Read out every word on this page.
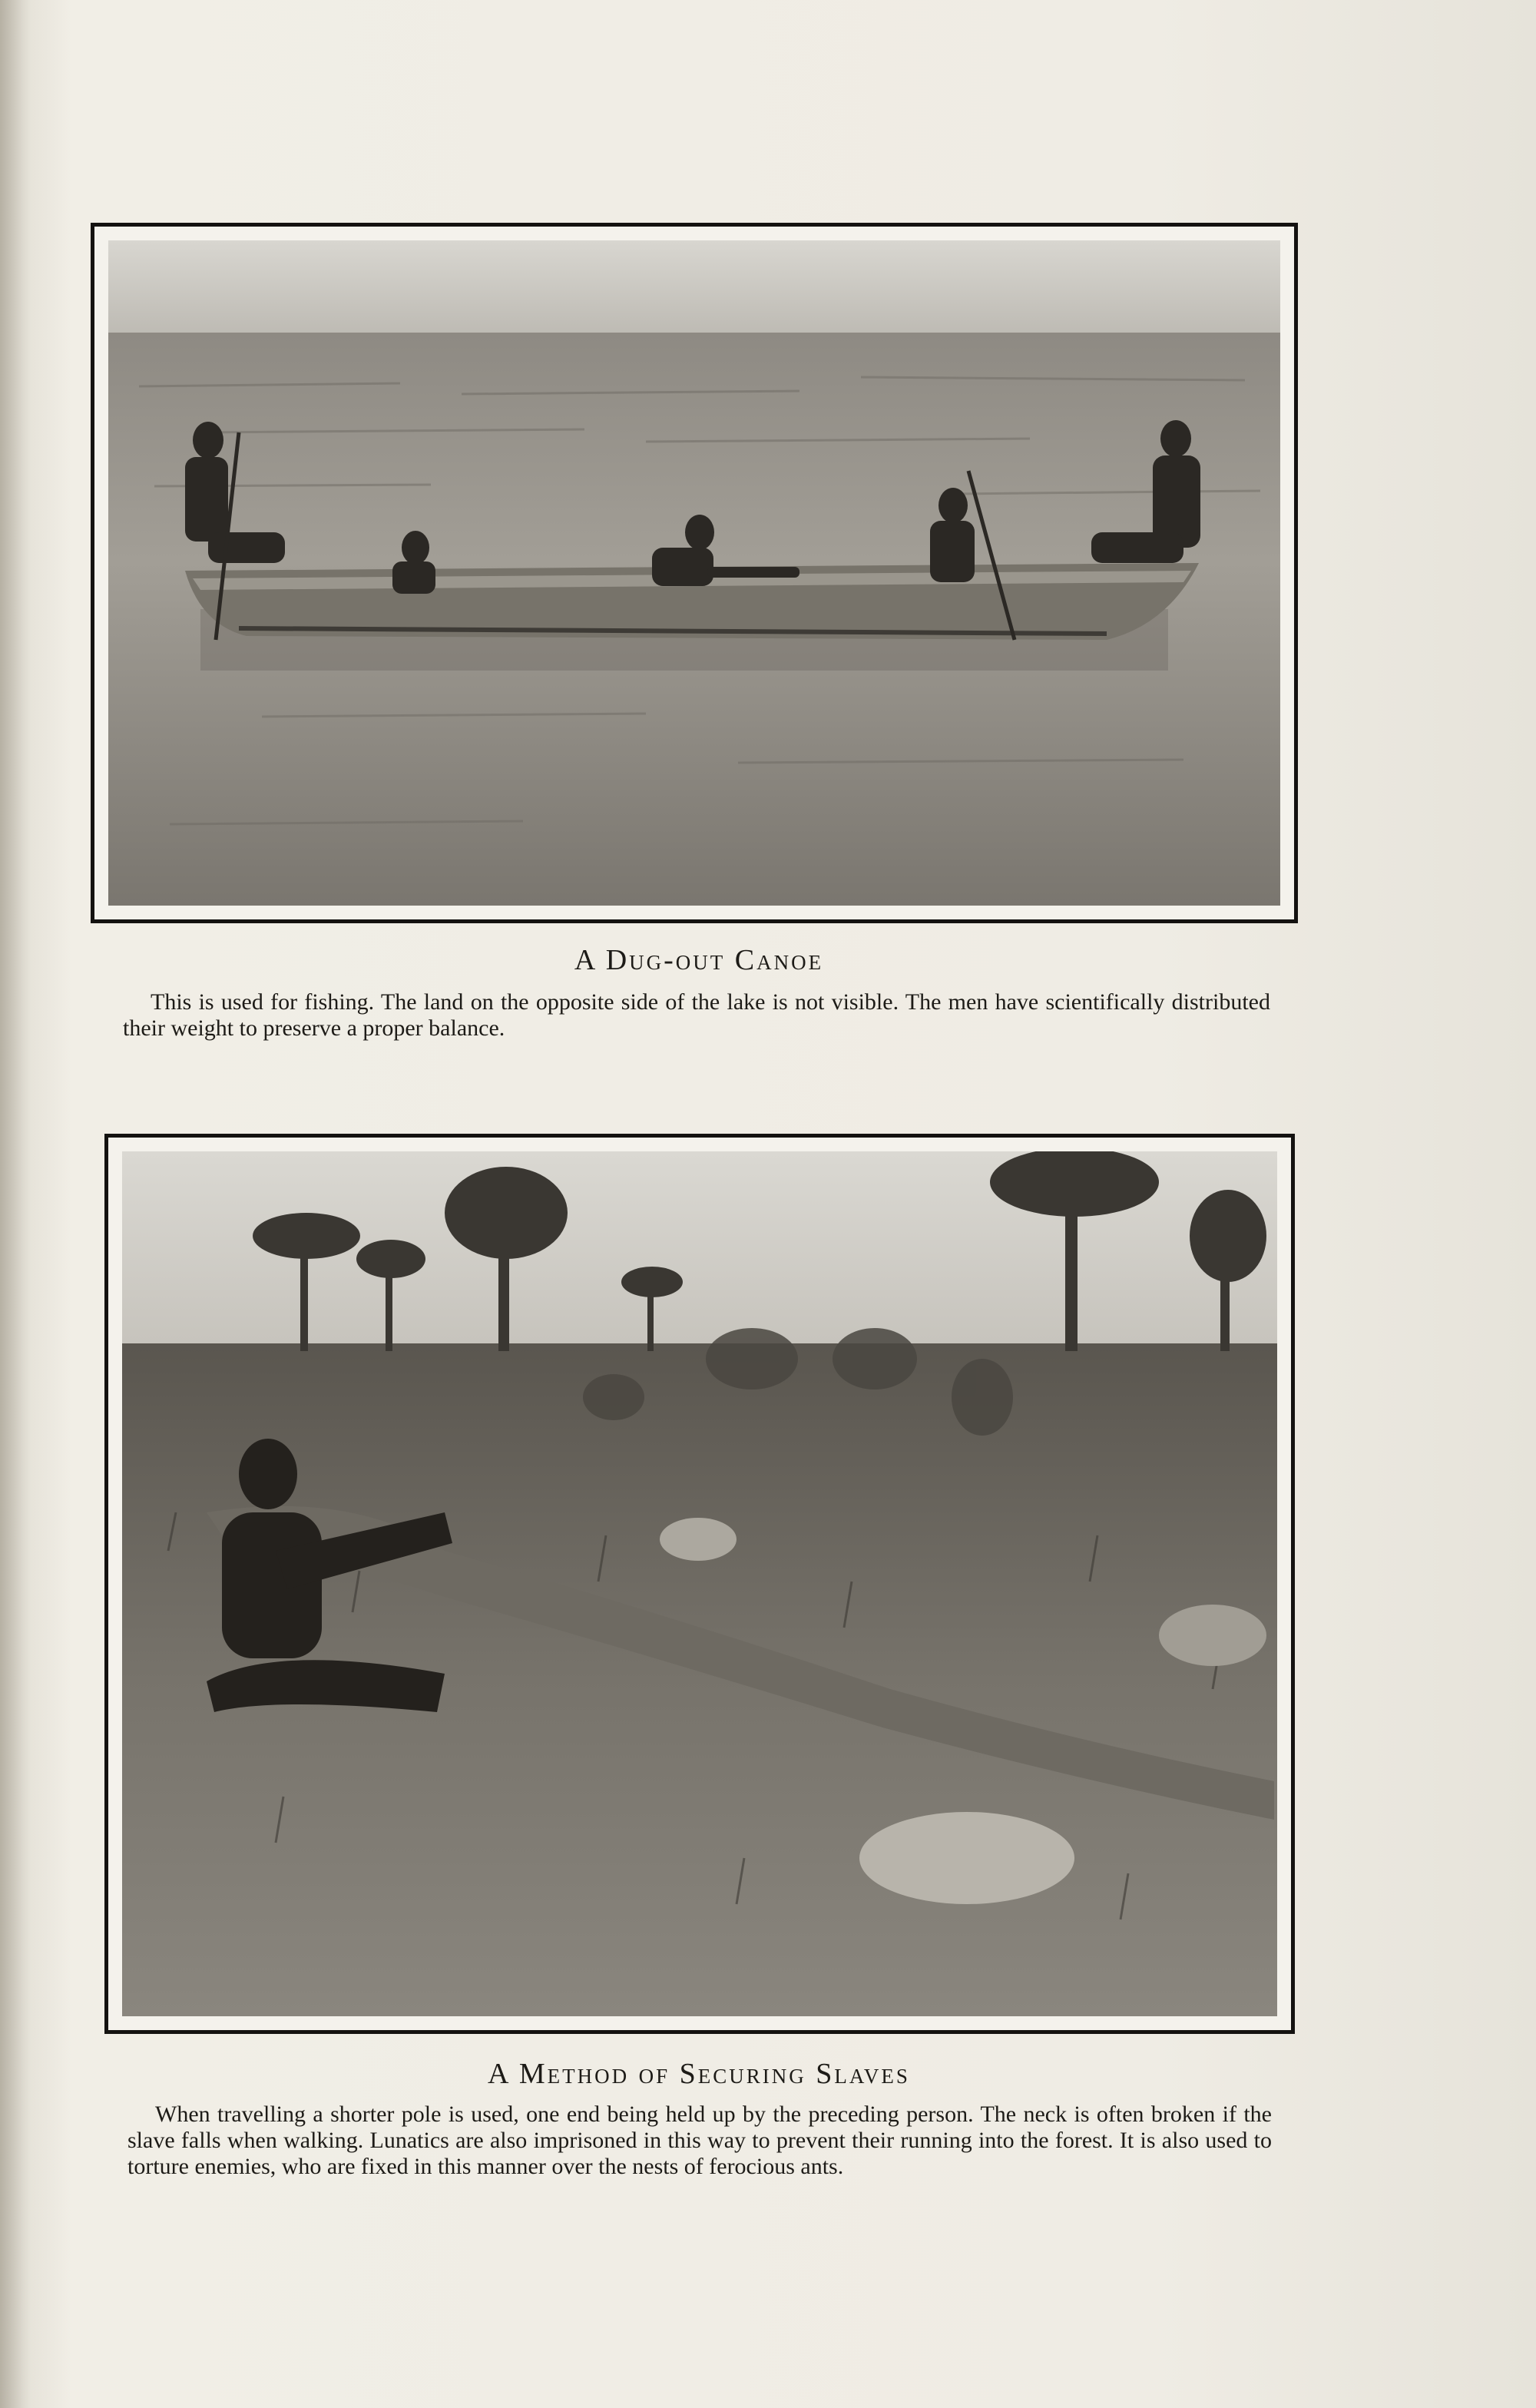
A Dug-out Canoe

This is used for fishing. The land on the opposite side of the lake is not visible. The men have scientifically distributed their weight to preserve a proper balance.

A Method of Securing Slaves

When travelling a shorter pole is used, one end being held up by the preceding person. The neck is often broken if the slave falls when walking. Lunatics are also imprisoned in this way to prevent their running into the forest. It is also used to torture enemies, who are fixed in this manner over the nests of ferocious ants.
